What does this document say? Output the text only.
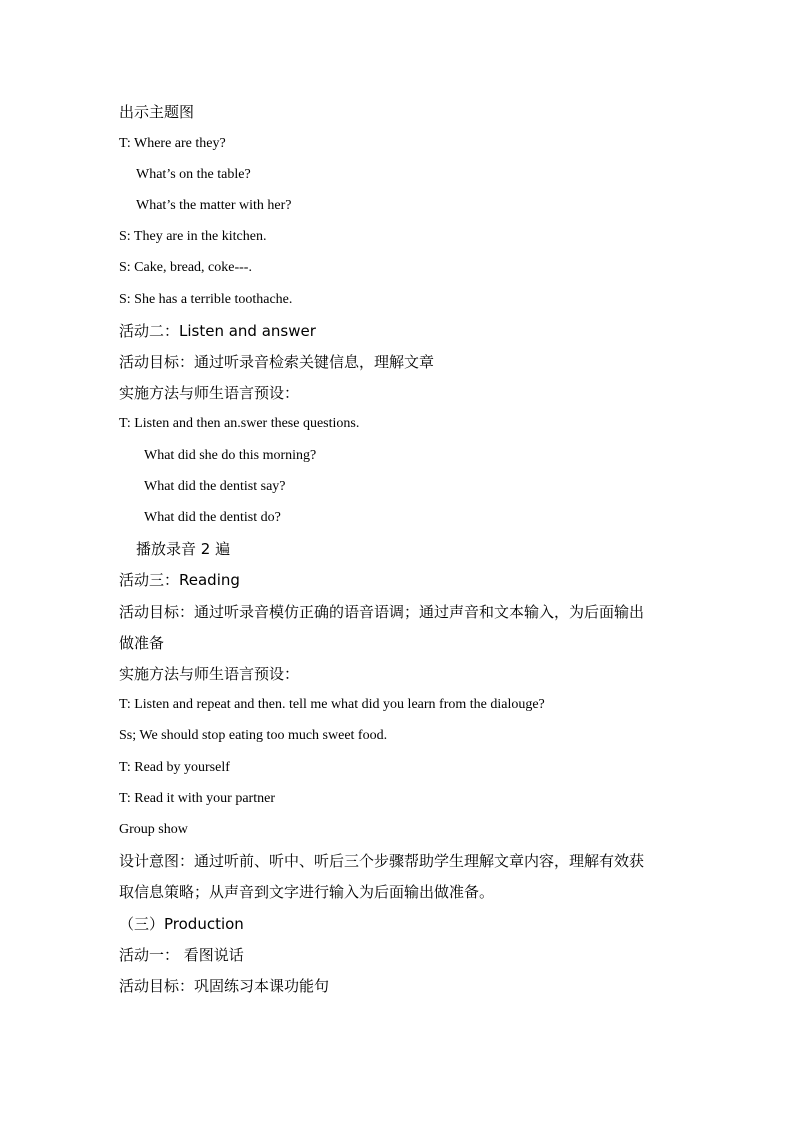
出示主题图
T: Where are they?
What’s on the table?
What’s the matter with her?
S: They are in the kitchen.
S: Cake, bread, coke---.
S: She has a terrible toothache.
活动二：Listen and answer
活动目标：通过听录音检索关键信息，理解文章
实施方法与师生语言预设：
T: Listen and then an.swer these questions.
What did she do this morning?
What did the dentist say?
What did the dentist do?
播放录音 2 遍
活动三：Reading
活动目标：通过听录音模仿正确的语音语调；通过声音和文本输入，为后面输出
做准备
实施方法与师生语言预设：
T: Listen and repeat and then. tell me what did you learn from the dialouge?
Ss; We should stop eating too much sweet food.
T: Read by yourself
T: Read it with your partner
Group show
设计意图：通过听前、听中、听后三个步骤帮助学生理解文章内容，理解有效获
取信息策略；从声音到文字进行输入为后面输出做准备。
（三）Production
活动一： 看图说话
活动目标：巩固练习本课功能句
